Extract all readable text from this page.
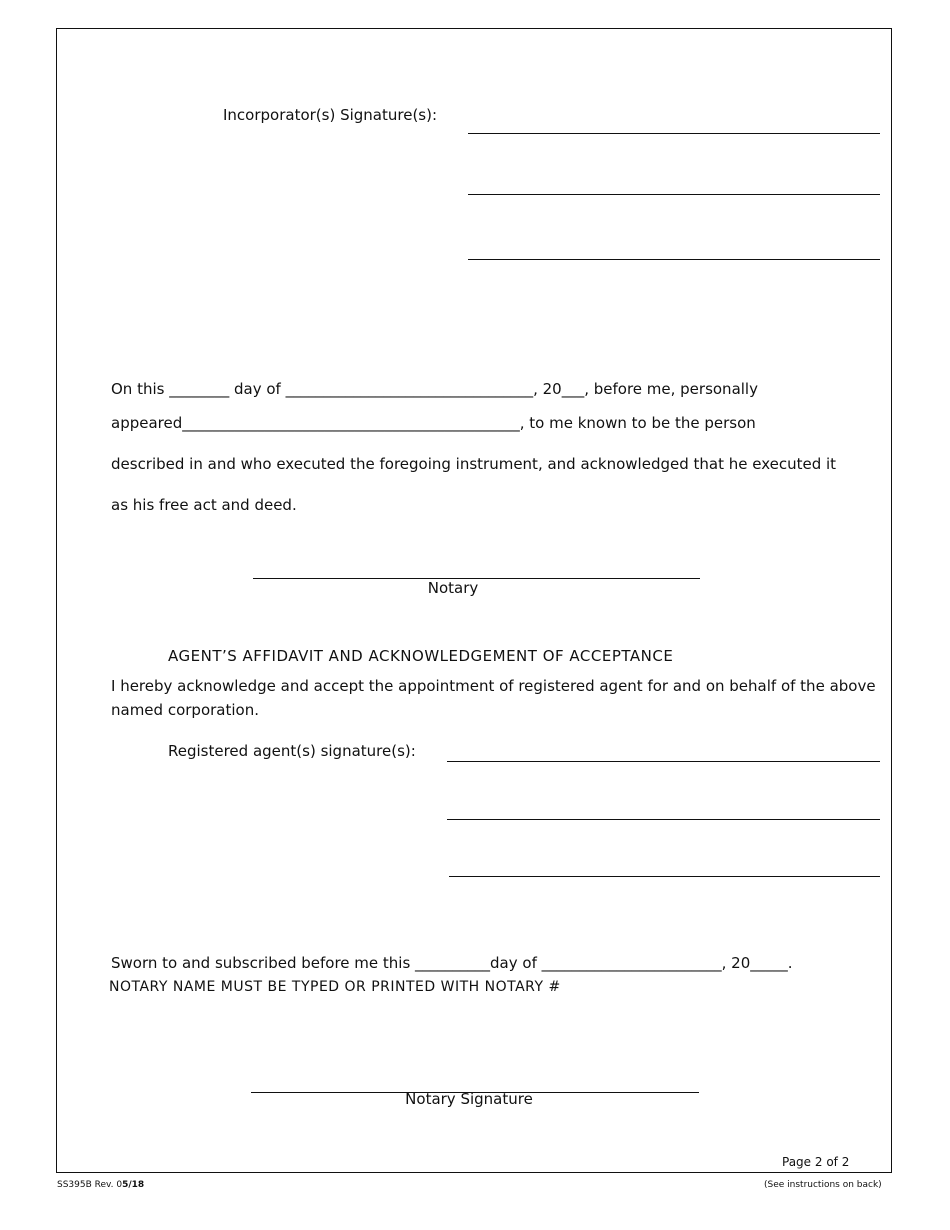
Incorporator(s) Signature(s):
On this ________ day of _________________________________, 20___, before me, personally
appeared_____________________________________________, to me known to be the person
described in and who executed the foregoing instrument, and acknowledged that he executed it
as his free act and deed.
Notary
AGENT’S AFFIDAVIT AND ACKNOWLEDGEMENT OF ACCEPTANCE
I hereby acknowledge and accept the appointment of registered agent for and on behalf of the above
named corporation.
Registered agent(s) signature(s):
Sworn to and subscribed before me this __________day of ________________________, 20_____.
NOTARY NAME MUST BE TYPED OR PRINTED WITH NOTARY #
Notary Signature
Page 2 of 2
SS395B Rev. 05/18	(See instructions on back)
